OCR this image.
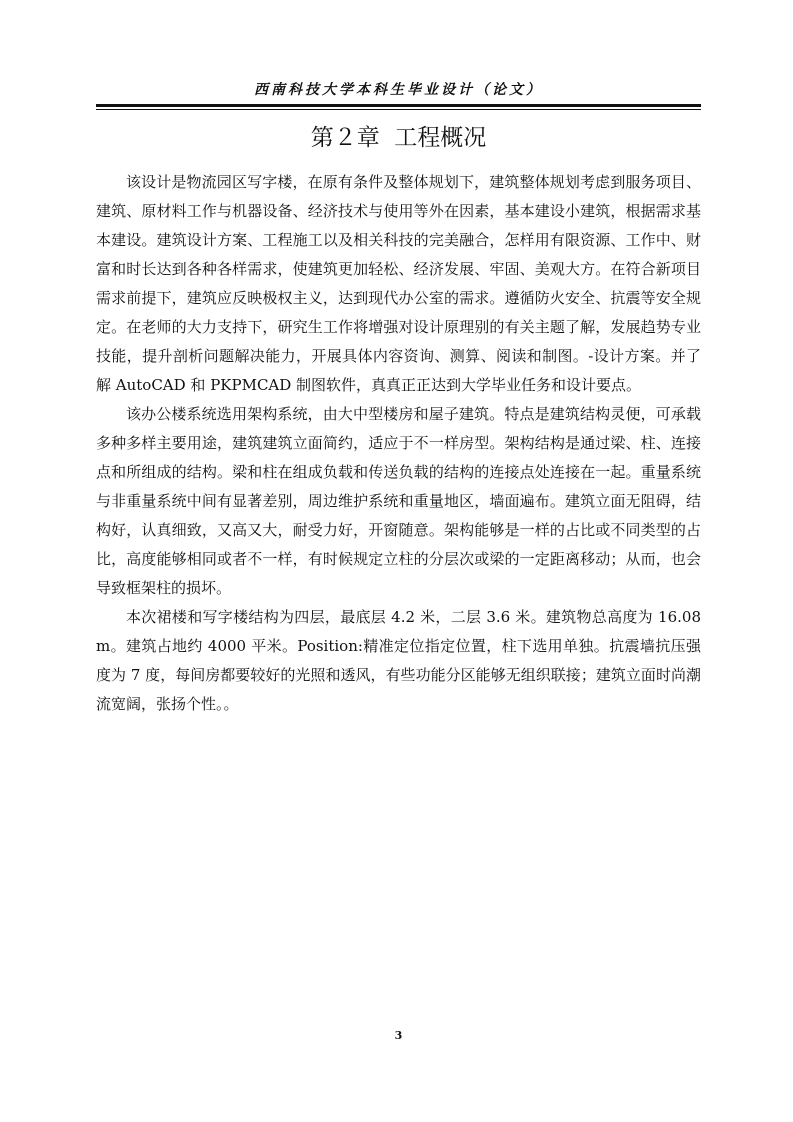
西南科技大学本科生毕业设计（论文）
第２章  工程概况

该设计是物流园区写字楼，在原有条件及整体规划下，建筑整体规划考虑到服务项目、建筑、原材料工作与机器设备、经济技术与使用等外在因素，基本建设小建筑，根据需求基本建设。建筑设计方案、工程施工以及相关科技的完美融合，怎样用有限资源、工作中、财富和时长达到各种各样需求，使建筑更加轻松、经济发展、牢固、美观大方。在符合新项目需求前提下，建筑应反映极权主义，达到现代办公室的需求。遵循防火安全、抗震等安全规定。在老师的大力支持下，研究生工作将增强对设计原理别的有关主题了解，发展趋势专业技能，提升剖析问题解决能力，开展具体内容资询、测算、阅读和制图。-设计方案。并了解 AutoCAD 和 PKPMCAD 制图软件，真真正正达到大学毕业任务和设计要点。

该办公楼系统选用架构系统，由大中型楼房和屋子建筑。特点是建筑结构灵便，可承载多种多样主要用途，建筑建筑立面简约，适应于不一样房型。架构结构是通过梁、柱、连接点和所组成的结构。梁和柱在组成负载和传送负载的结构的连接点处连接在一起。重量系统与非重量系统中间有显著差别，周边维护系统和重量地区，墙面遍布。建筑立面无阻碍，结构好，认真细致，又高又大，耐受力好，开窗随意。架构能够是一样的占比或不同类型的占比，高度能够相同或者不一样，有时候规定立柱的分层次或梁的一定距离移动；从而，也会导致框架柱的损坏。

本次裙楼和写字楼结构为四层，最底层 4.2 米，二层 3.6 米。建筑物总高度为 16.08 m。建筑占地约 4000 平米。Position:精准定位指定位置，柱下选用单独。抗震墙抗压强度为 7 度，每间房都要较好的光照和透风，有些功能分区能够无组织联接；建筑立面时尚潮流宽阔，张扬个性。。

3
